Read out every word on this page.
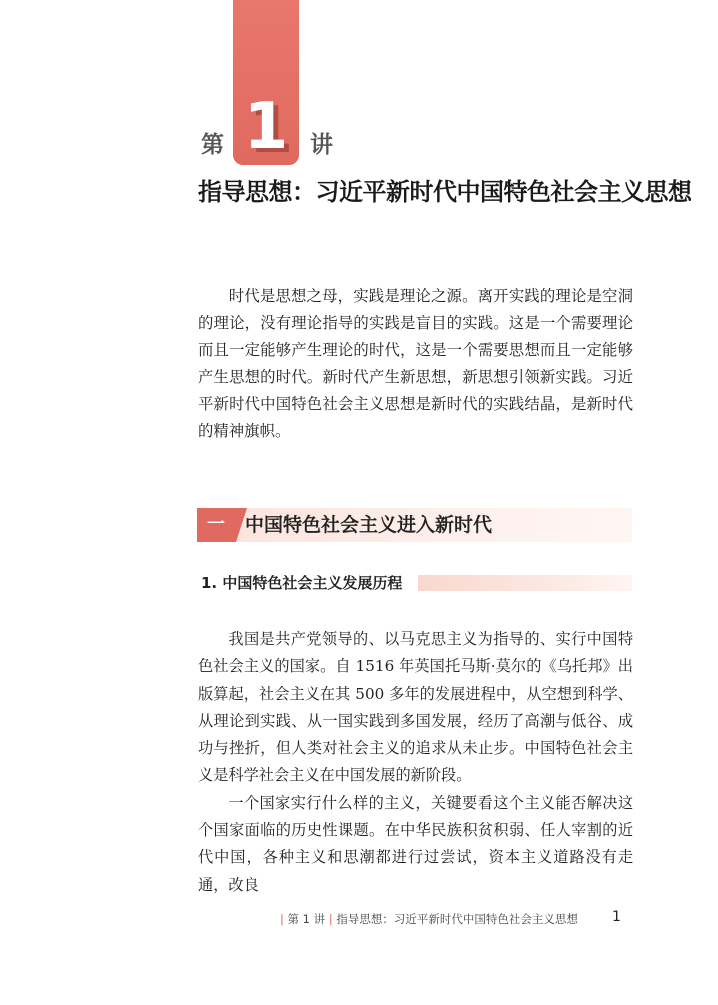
1
第	讲
指导思想：习近平新时代中国特色社会主义思想

时代是思想之母，实践是理论之源。离开实践的理论是空洞的理论，没有理论指导的实践是盲目的实践。这是一个需要理论而且一定能够产生理论的时代，这是一个需要思想而且一定能够产生思想的时代。新时代产生新思想，新思想引领新实践。习近平新时代中国特色社会主义思想是新时代的实践结晶，是新时代的精神旗帜。

一	中国特色社会主义进入新时代
1. 中国特色社会主义发展历程

我国是共产党领导的、以马克思主义为指导的、实行中国特色社会主义的国家。自 1516 年英国托马斯·莫尔的《乌托邦》出版算起，社会主义在其 500 多年的发展进程中，从空想到科学、从理论到实践、从一国实践到多国发展，经历了高潮与低谷、成功与挫折，但人类对社会主义的追求从未止步。中国特色社会主义是科学社会主义在中国发展的新阶段。

一个国家实行什么样的主义，关键要看这个主义能否解决这个国家面临的历史性课题。在中华民族积贫积弱、任人宰割的近代中国，各种主义和思潮都进行过尝试，资本主义道路没有走通，改良

| 第 1 讲 | 指导思想：习近平新时代中国特色社会主义思想	1
